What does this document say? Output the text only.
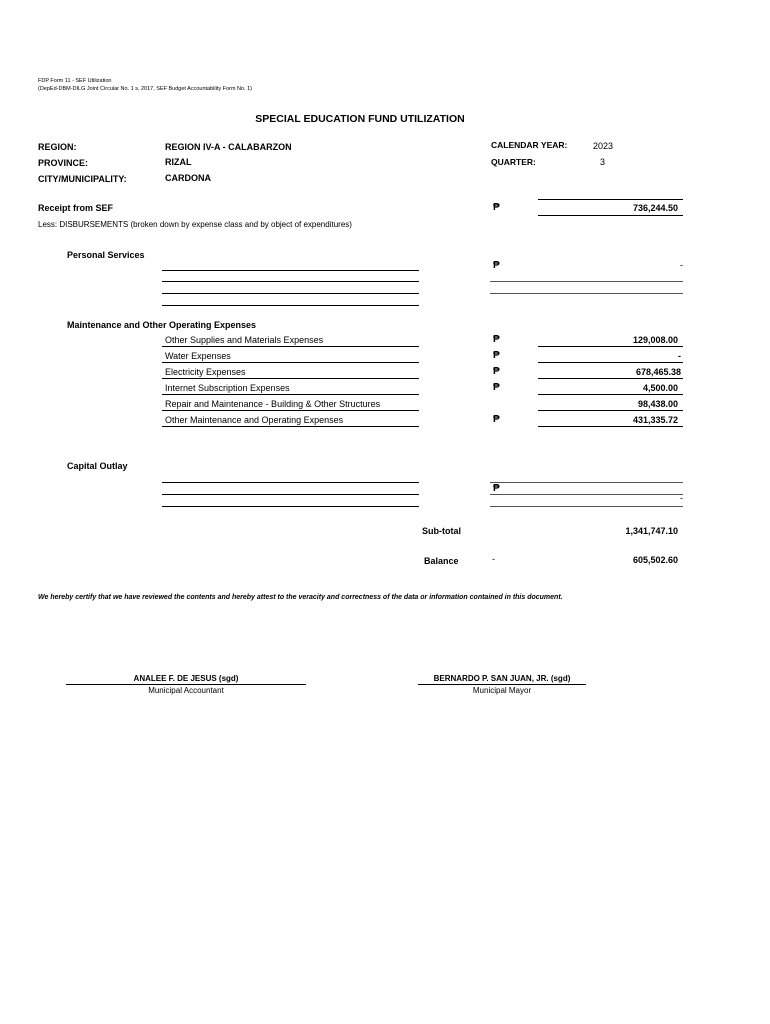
FDP Form 11 - SEF Utilization
(DepEd-DBM-DILG Joint Circular No. 1 s. 2017, SEF Budget Accountability Form No. 1)
SPECIAL EDUCATION FUND UTILIZATION
REGION:	REGION IV-A - CALABARZON
PROVINCE:	RIZAL
CITY/MUNICIPALITY:	CARDONA
CALENDAR YEAR:	2023
QUARTER:	3
Receipt from SEF	₱	736,244.50
Less: DISBURSEMENTS (broken down by expense class and by object of expenditures)
Personal Services
₱	-
Maintenance and Other Operating Expenses
Other Supplies and Materials Expenses	₱	129,008.00
Water Expenses	₱	-
Electricity Expenses	₱	678,465.38
Internet Subscription Expenses	₱	4,500.00
Repair and Maintenance - Building & Other Structures	98,438.00
Other Maintenance and Operating Expenses	₱	431,335.72
Capital Outlay
₱
-
Sub-total	1,341,747.10
Balance	-	605,502.60
We hereby certify that we have reviewed the contents and hereby attest to the veracity and correctness of the data or information contained in this document.
ANALEE F. DE JESUS (sgd)
Municipal Accountant
BERNARDO P. SAN JUAN, JR. (sgd)
Municipal Mayor
